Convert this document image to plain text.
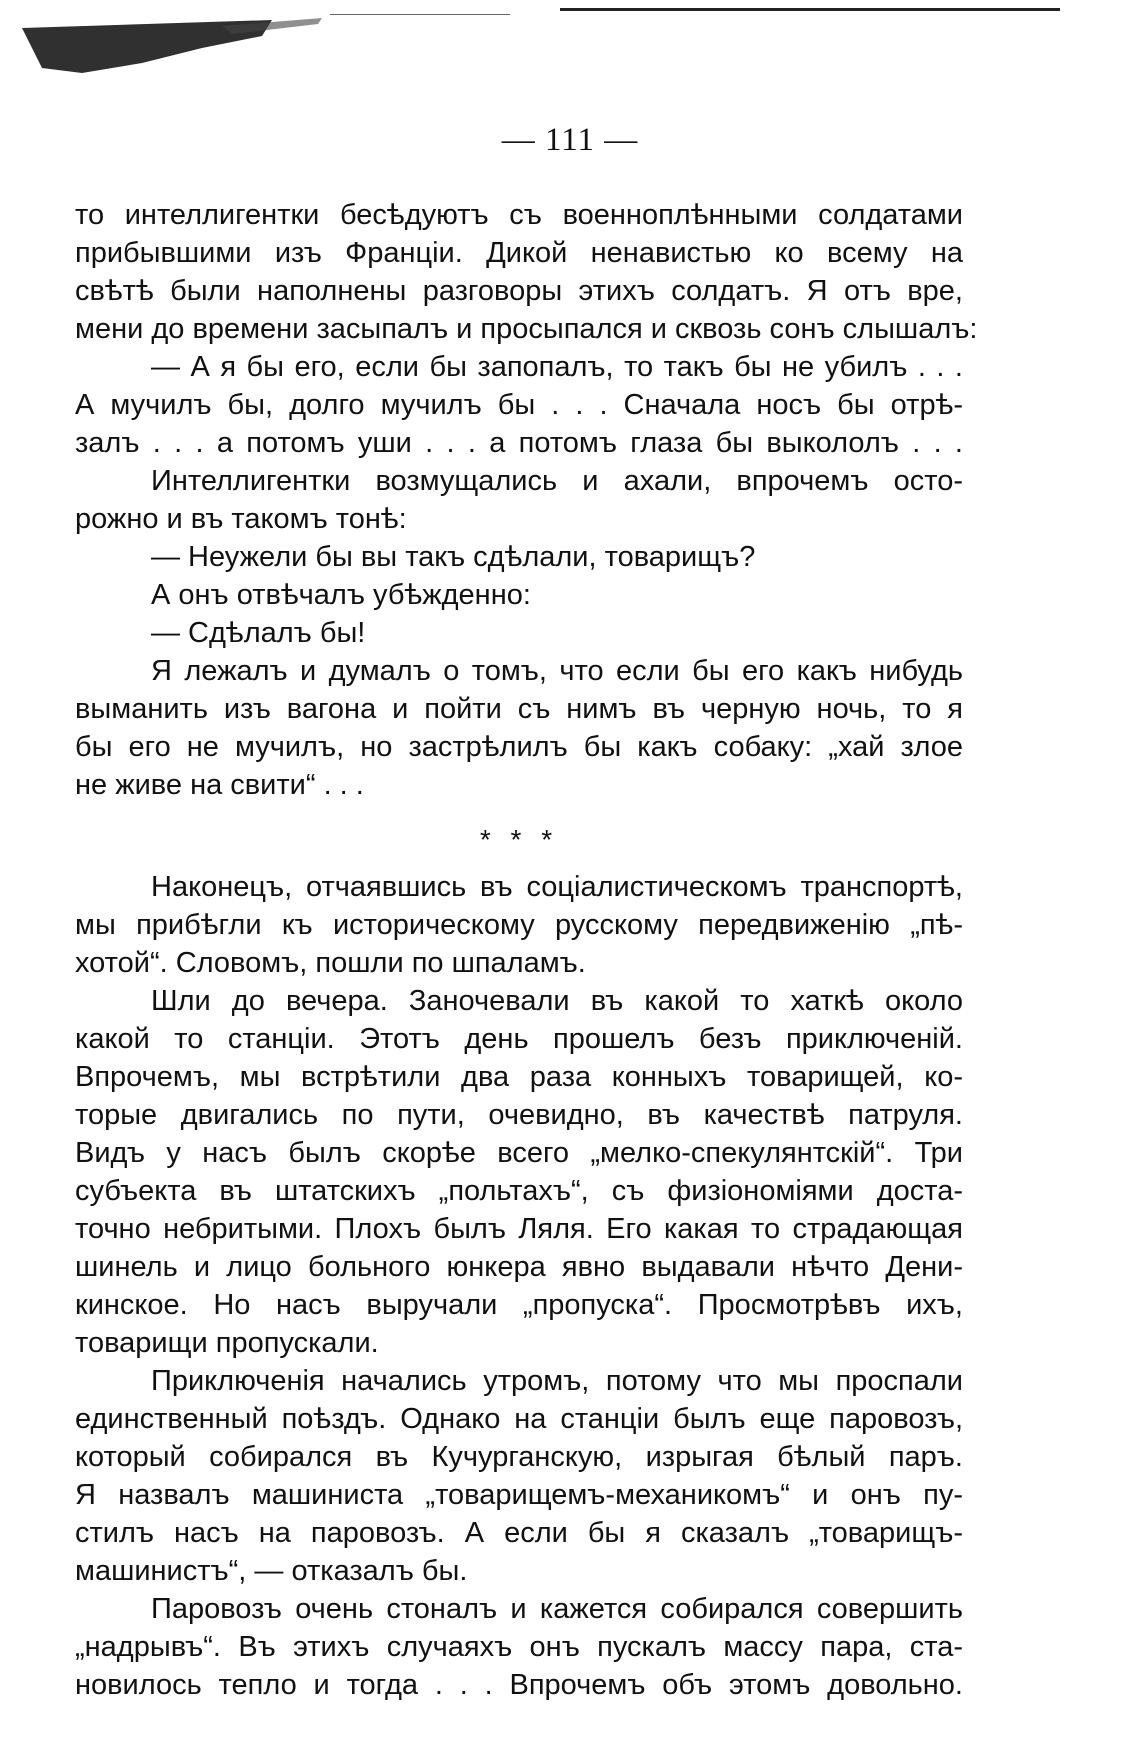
— 111 —
то интеллигентки бесѣдуютъ съ военноплѣнными солдатами
прибывшими изъ Франціи. Дикой ненавистью ко всему на
свѣтѣ были наполнены разговоры этихъ солдатъ. Я отъ вре,
мени до времени засыпалъ и просыпался и сквозь сонъ слышалъ:
— А я бы его, если бы запопалъ, то такъ бы не убилъ . . .
А мучилъ бы, долго мучилъ бы . . . Сначала носъ бы отрѣ-
залъ . . . а потомъ уши . . . а потомъ глаза бы выкололъ . . .
Интеллигентки возмущались и ахали, впрочемъ осто-
рожно и въ такомъ тонѣ:
— Неужели бы вы такъ сдѣлали, товарищъ?
А онъ отвѣчалъ убѣжденно:
— Сдѣлалъ бы!
Я лежалъ и думалъ о томъ, что если бы его какъ нибудь
выманить изъ вагона и пойти съ нимъ въ черную ночь, то я
бы его не мучилъ, но застрѣлилъ бы какъ собаку: „хай злое
не живе на свити“ . . .
* * *
Наконецъ, отчаявшись въ соціалистическомъ транспортѣ,
мы прибѣгли къ историческому русскому передвиженію „пѣ-
хотой“. Словомъ, пошли по шпаламъ.
Шли до вечера. Заночевали въ какой то хаткѣ около
какой то станціи. Этотъ день прошелъ безъ приключеній.
Впрочемъ, мы встрѣтили два раза конныхъ товарищей, ко-
торые двигались по пути, очевидно, въ качествѣ патруля.
Видъ у насъ былъ скорѣе всего „мелко-спекулянтскій“. Три
субъекта въ штатскихъ „польтахъ“, съ физіономіями доста-
точно небритыми. Плохъ былъ Ляля. Его какая то страдающая
шинель и лицо больного юнкера явно выдавали нѣчто Дени-
кинское. Но насъ выручали „пропуска“. Просмотрѣвъ ихъ,
товарищи пропускали.
Приключенія начались утромъ, потому что мы проспали
единственный поѣздъ. Однако на станціи былъ еще паровозъ,
который собирался въ Кучурганскую, изрыгая бѣлый паръ.
Я назвалъ машиниста „товарищемъ-механикомъ“ и онъ пу-
стилъ насъ на паровозъ. А если бы я сказалъ „товарищъ-
машинистъ“, — отказалъ бы.
Паровозъ очень стоналъ и кажется собирался совершить
„надрывъ“. Въ этихъ случаяхъ онъ пускалъ массу пара, ста-
новилось тепло и тогда . . . Впрочемъ объ этомъ довольно.
